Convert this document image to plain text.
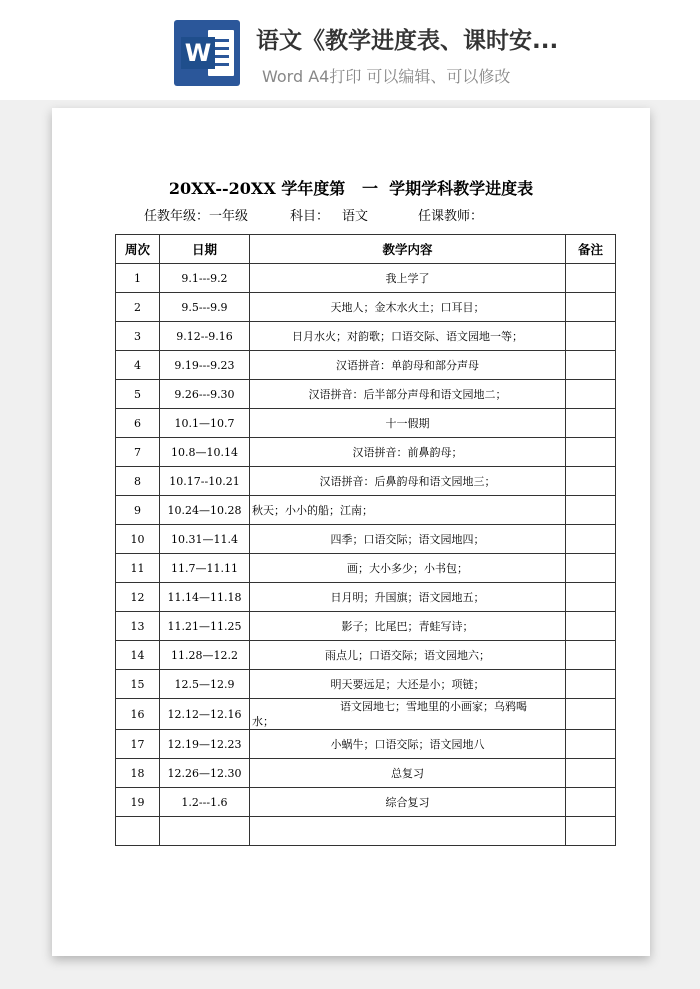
W 语文《教学进度表、课时安...
Word A4打印 可以编辑、可以修改
20XX--20XX 学年度第   一  学期学科教学进度表
任教年级：一年级	科目： 语文	任课教师：
周次	日期	教学内容	备注
1	9.1---9.2	我上学了	
2	9.5---9.9	天地人；金木水火土；口耳目；	
3	9.12--9.16	日月水火；对韵歌；口语交际、语文园地一等；	
4	9.19---9.23	汉语拼音：单韵母和部分声母	
5	9.26---9.30	汉语拼音：后半部分声母和语文园地二；	
6	10.1—10.7	十一假期	
7	10.8—10.14	汉语拼音：前鼻韵母；	
8	10.17--10.21	汉语拼音：后鼻韵母和语文园地三；	
9	10.24—10.28	秋天；小小的船；江南；	
10	10.31—11.4	四季；口语交际；语文园地四；	
11	11.7—11.11	画；大小多少；小书包；	
12	11.14—11.18	日月明；升国旗；语文园地五；	
13	11.21—11.25	影子；比尾巴；青蛙写诗；	
14	11.28—12.2	雨点儿；口语交际；语文园地六；	
15	12.5—12.9	明天要远足；大还是小；项链；	
16	12.12—12.16	语文园地七；雪地里的小画家；乌鸦喝
水；	
17	12.19—12.23	小蜗牛；口语交际；语文园地八	
18	12.26—12.30	总复习	
19	1.2---1.6	综合复习	
